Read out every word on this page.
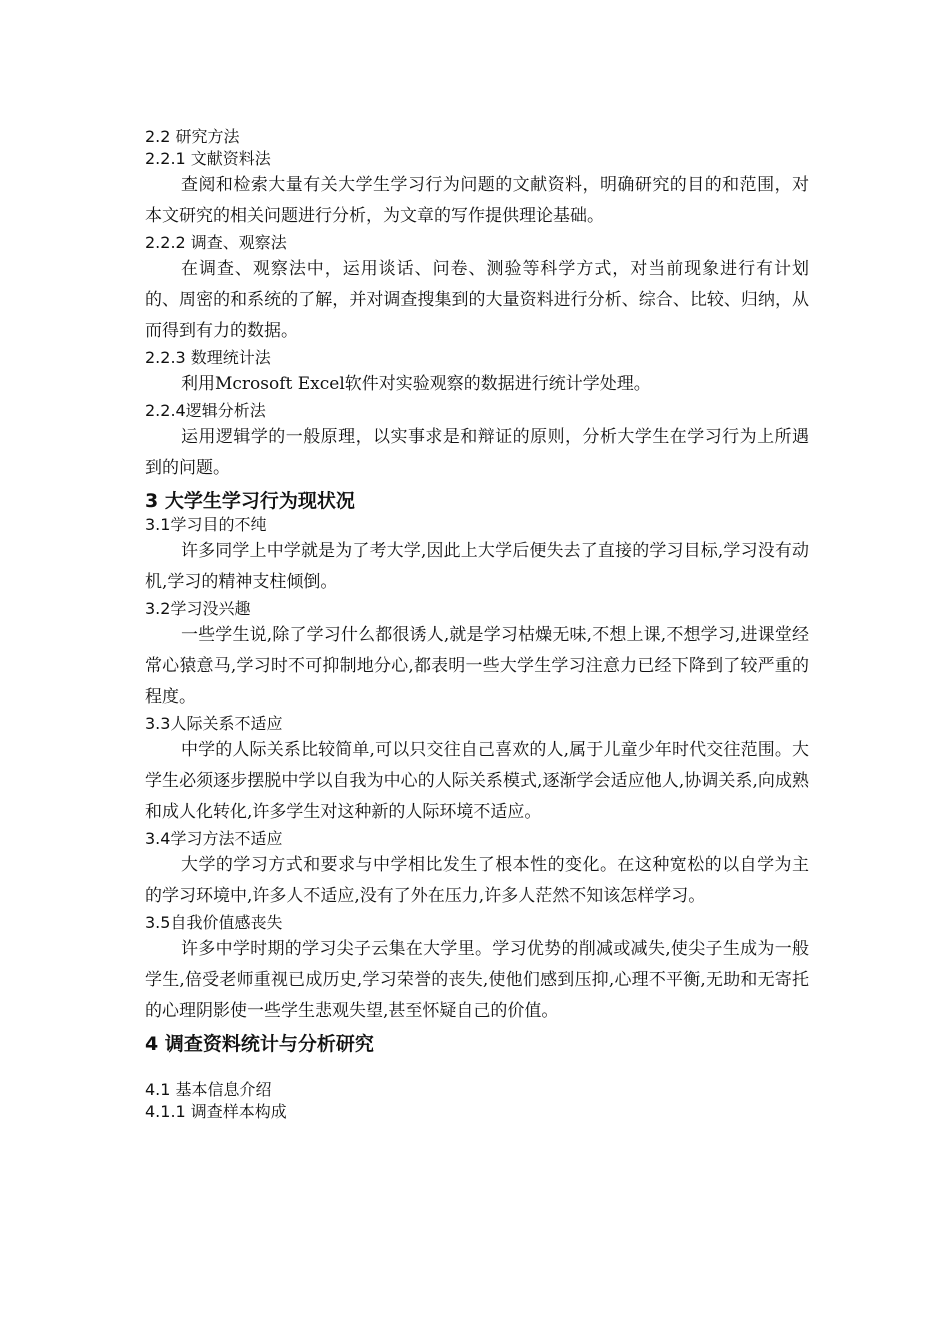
2.2 研究方法

2.2.1 文献资料法

查阅和检索大量有关大学生学习行为问题的文献资料，明确研究的目的和范围，对本文研究的相关问题进行分析，为文章的写作提供理论基础。

2.2.2 调查、观察法

在调查、观察法中，运用谈话、问卷、测验等科学方式，对当前现象进行有计划的、周密的和系统的了解，并对调查搜集到的大量资料进行分析、综合、比较、归纳，从而得到有力的数据。

2.2.3 数理统计法

利用Mcrosoft Excel软件对实验观察的数据进行统计学处理。

2.2.4逻辑分析法

运用逻辑学的一般原理，以实事求是和辩证的原则，分析大学生在学习行为上所遇到的问题。

3 大学生学习行为现状况

3.1学习目的不纯

许多同学上中学就是为了考大学,因此上大学后便失去了直接的学习目标,学习没有动机,学习的精神支柱倾倒。

3.2学习没兴趣

一些学生说,除了学习什么都很诱人,就是学习枯燥无味,不想上课,不想学习,进课堂经常心猿意马,学习时不可抑制地分心,都表明一些大学生学习注意力已经下降到了较严重的程度。

3.3人际关系不适应

中学的人际关系比较简单,可以只交往自己喜欢的人,属于儿童少年时代交往范围。大学生必须逐步摆脱中学以自我为中心的人际关系模式,逐渐学会适应他人,协调关系,向成熟和成人化转化,许多学生对这种新的人际环境不适应。

3.4学习方法不适应

大学的学习方式和要求与中学相比发生了根本性的变化。在这种宽松的以自学为主的学习环境中,许多人不适应,没有了外在压力,许多人茫然不知该怎样学习。

3.5自我价值感丧失

许多中学时期的学习尖子云集在大学里。学习优势的削减或减失,使尖子生成为一般学生,倍受老师重视已成历史,学习荣誉的丧失,使他们感到压抑,心理不平衡,无助和无寄托的心理阴影使一些学生悲观失望,甚至怀疑自己的价值。

4 调查资料统计与分析研究

4.1 基本信息介绍

4.1.1 调查样本构成
